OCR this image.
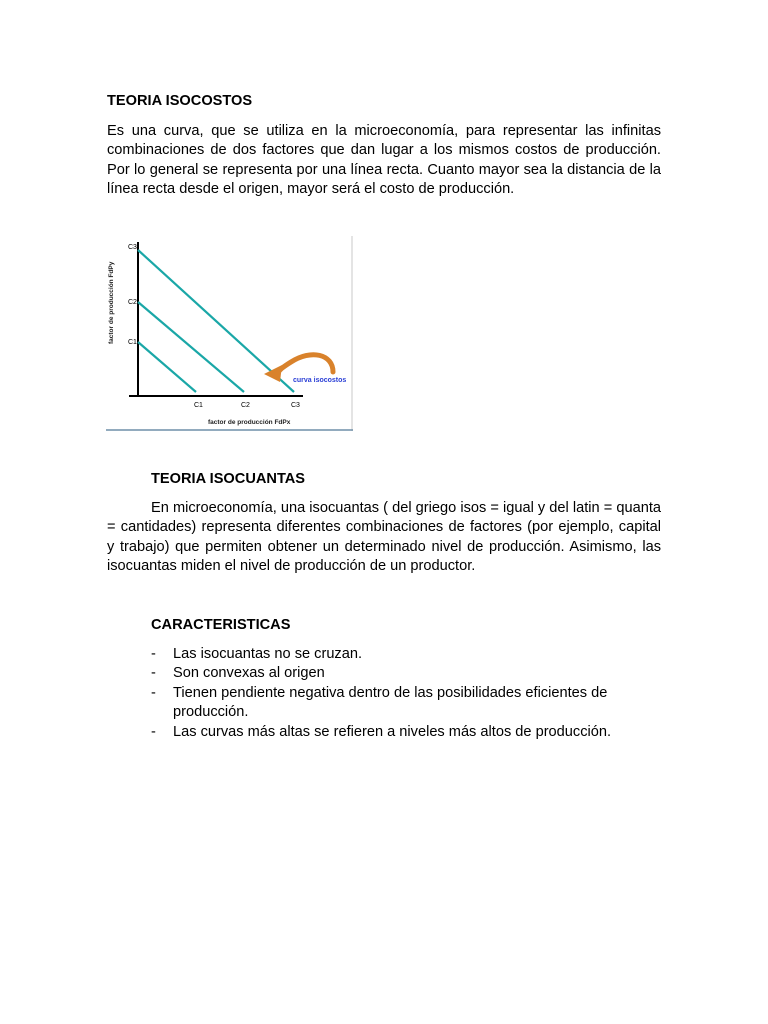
TEORIA ISOCOSTOS

Es una curva, que se utiliza en la microeconomía, para representar las infinitas combinaciones de dos factores que dan lugar a los mismos costos de producción. Por lo general se representa por una línea recta. Cuanto mayor sea la distancia de la línea recta desde el origen, mayor será el costo de producción.

C3
C2
C1
C1	C2	C3
factor de producción FdPx
factor de producción FdPy
curva isocostos
TEORIA ISOCUANTAS

En microeconomía, una isocuantas ( del griego isos = igual y del latin = quanta = cantidades) representa diferentes combinaciones de factores (por ejemplo, capital y trabajo) que permiten obtener un determinado nivel de producción. Asimismo, las isocuantas miden el nivel de producción de un productor.

CARACTERISTICAS
- Las isocuantas no se cruzan.
- Son convexas al origen
- Tienen pendiente negativa dentro de las posibilidades eficientes de producción.
- Las curvas más altas se refieren a niveles más altos de producción.
